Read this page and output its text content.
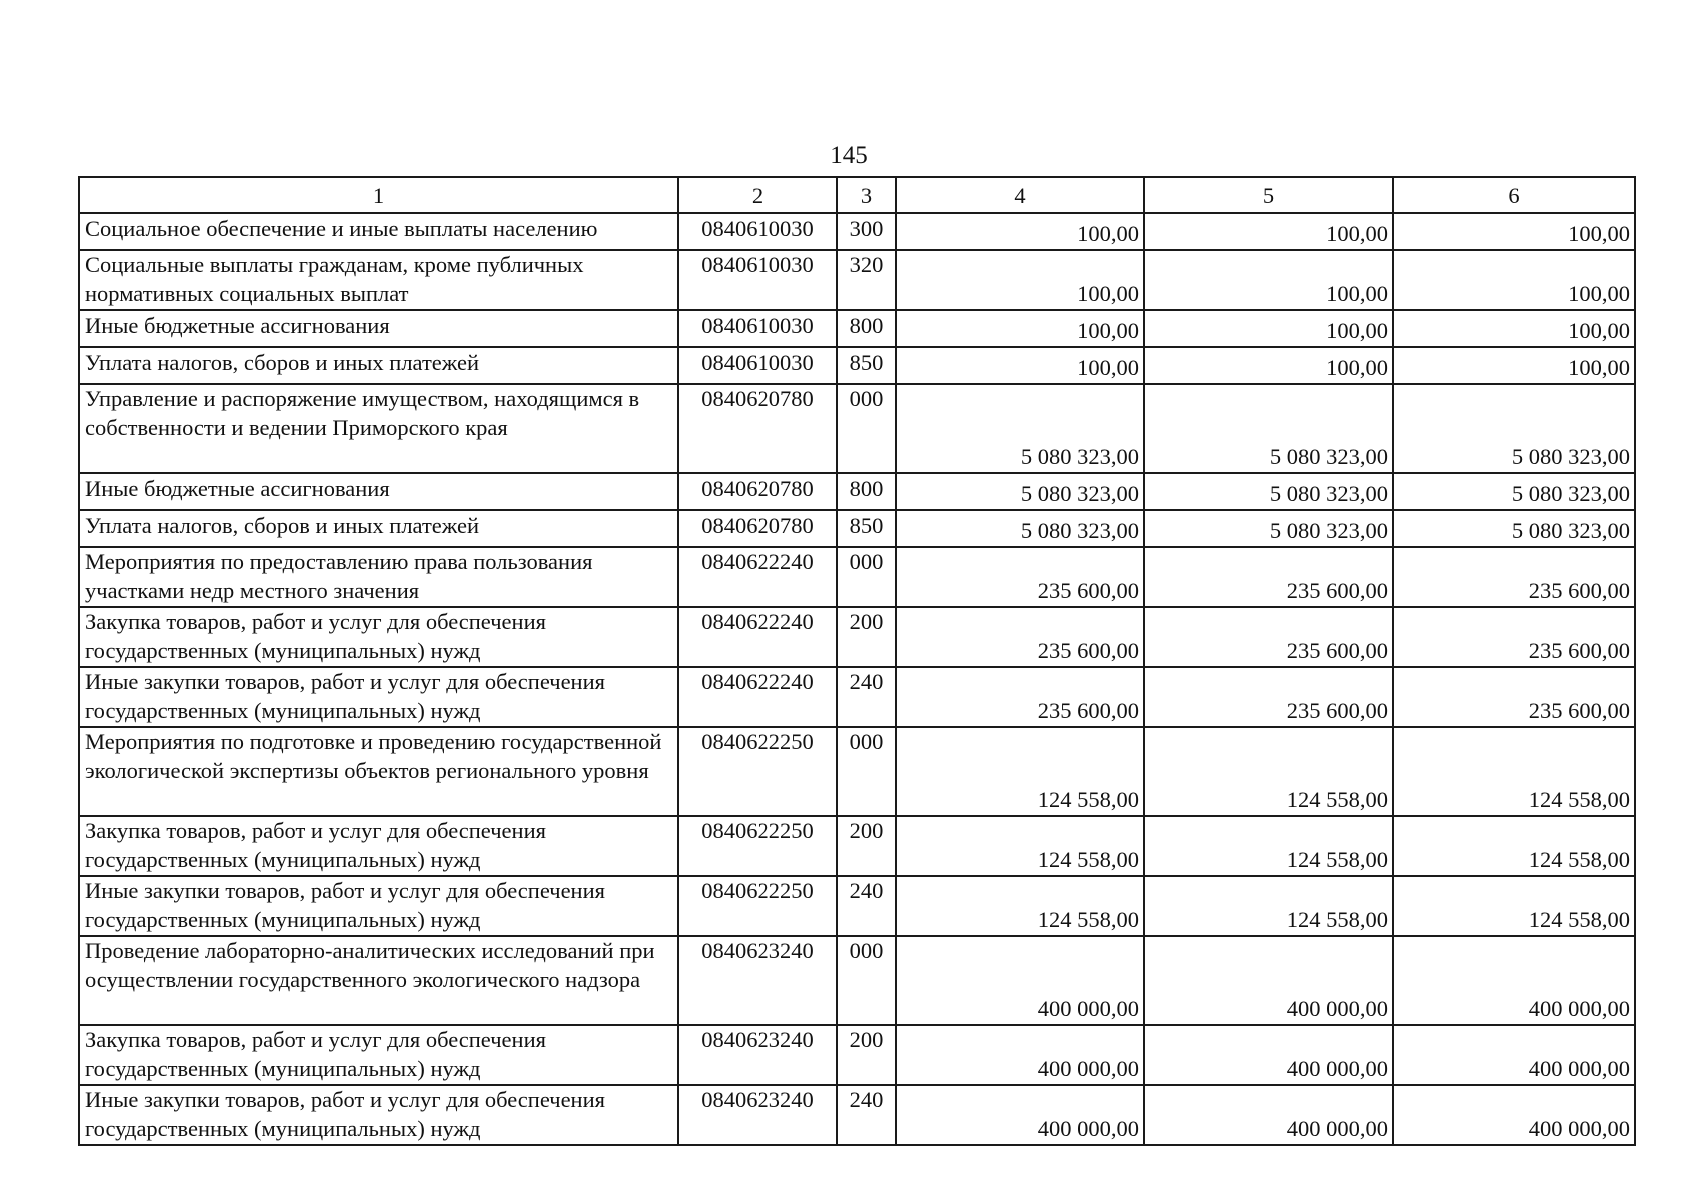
145
1	2	3	4	5	6
Социальное обеспечение и иные выплаты населению	0840610030	300	100,00	100,00	100,00
Социальные выплаты гражданам, кроме публичных нормативных социальных выплат	0840610030	320	100,00	100,00	100,00
Иные бюджетные ассигнования	0840610030	800	100,00	100,00	100,00
Уплата налогов, сборов и иных платежей	0840610030	850	100,00	100,00	100,00
Управление и распоряжение имуществом, находящимся в собственности и ведении Приморского края	0840620780	000	5 080 323,00	5 080 323,00	5 080 323,00
Иные бюджетные ассигнования	0840620780	800	5 080 323,00	5 080 323,00	5 080 323,00
Уплата налогов, сборов и иных платежей	0840620780	850	5 080 323,00	5 080 323,00	5 080 323,00
Мероприятия по предоставлению права пользования участками недр местного значения	0840622240	000	235 600,00	235 600,00	235 600,00
Закупка товаров, работ и услуг для обеспечения государственных (муниципальных) нужд	0840622240	200	235 600,00	235 600,00	235 600,00
Иные закупки товаров, работ и услуг для обеспечения государственных (муниципальных) нужд	0840622240	240	235 600,00	235 600,00	235 600,00
Мероприятия по подготовке и проведению государственной экологической экспертизы объектов регионального уровня	0840622250	000	124 558,00	124 558,00	124 558,00
Закупка товаров, работ и услуг для обеспечения государственных (муниципальных) нужд	0840622250	200	124 558,00	124 558,00	124 558,00
Иные закупки товаров, работ и услуг для обеспечения государственных (муниципальных) нужд	0840622250	240	124 558,00	124 558,00	124 558,00
Проведение лабораторно-аналитических исследований при осуществлении государственного экологического надзора	0840623240	000	400 000,00	400 000,00	400 000,00
Закупка товаров, работ и услуг для обеспечения государственных (муниципальных) нужд	0840623240	200	400 000,00	400 000,00	400 000,00
Иные закупки товаров, работ и услуг для обеспечения государственных (муниципальных) нужд	0840623240	240	400 000,00	400 000,00	400 000,00
